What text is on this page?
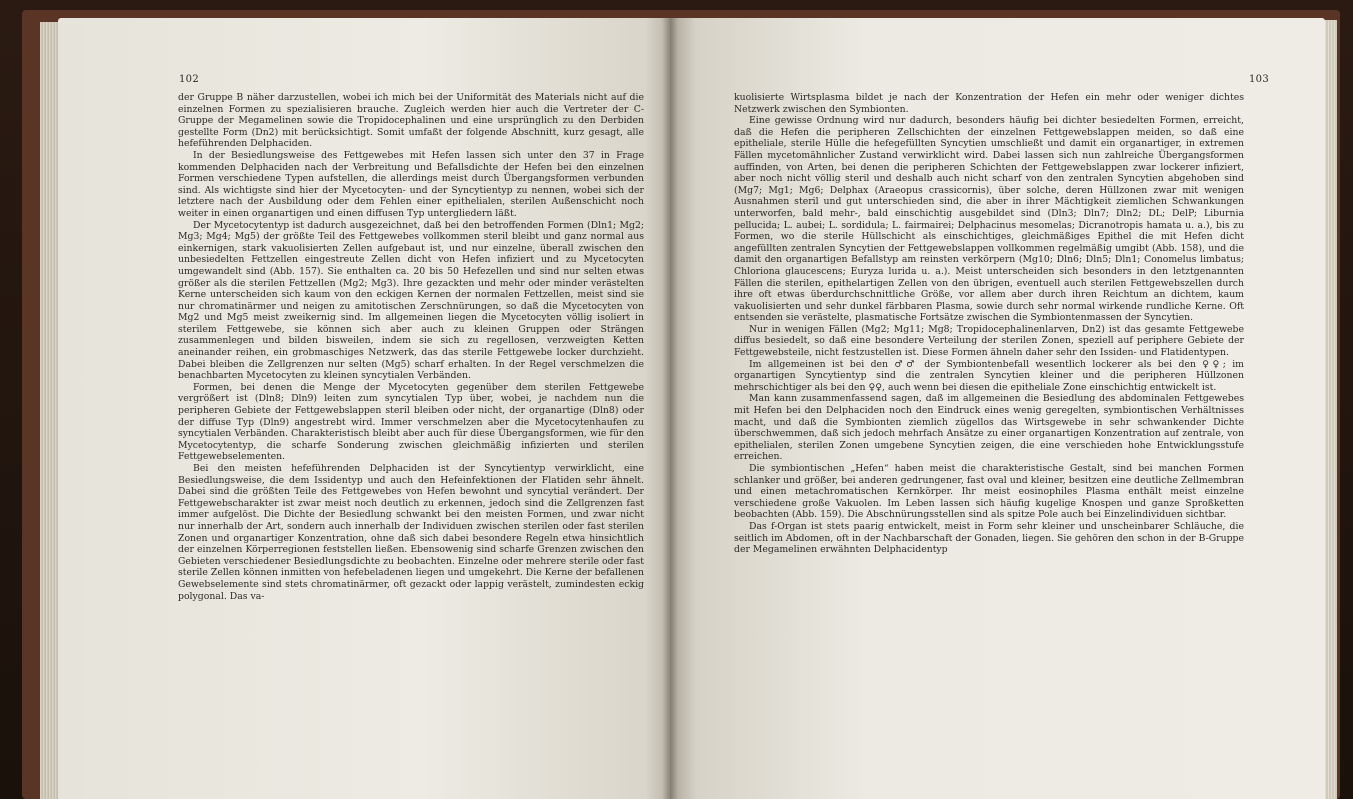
102

der Gruppe B näher darzustellen, wobei ich mich bei der Uniformität des Materials nicht auf die einzelnen Formen zu spezialisieren brauche. Zugleich werden hier auch die Vertreter der C-Gruppe der Megamelinen sowie die Tropidocephalinen und eine ursprünglich zu den Derbiden gestellte Form (Dn2) mit berücksichtigt. Somit umfaßt der folgende Abschnitt, kurz gesagt, alle hefeführenden Delphaciden.

In der Besiedlungsweise des Fettgewebes mit Hefen lassen sich unter den 37 in Frage kommenden Delphaciden nach der Verbreitung und Befallsdichte der Hefen bei den einzelnen Formen verschiedene Typen aufstellen, die allerdings meist durch Übergangsformen verbunden sind. Als wichtigste sind hier der Mycetocyten- und der Syncytientyp zu nennen, wobei sich der letztere nach der Ausbildung oder dem Fehlen einer epithelialen, sterilen Außenschicht noch weiter in einen organartigen und einen diffusen Typ untergliedern läßt.

Der Mycetocytentyp ist dadurch ausgezeichnet, daß bei den betroffenden Formen (Dln1; Mg2; Mg3; Mg4; Mg5) der größte Teil des Fettgewebes vollkommen steril bleibt und ganz normal aus einkernigen, stark vakuolisierten Zellen aufgebaut ist, und nur einzelne, überall zwischen den unbesiedelten Fettzellen eingestreute Zellen dicht von Hefen infiziert und zu Mycetocyten umgewandelt sind (Abb. 157). Sie enthalten ca. 20 bis 50 Hefezellen und sind nur selten etwas größer als die sterilen Fettzellen (Mg2; Mg3). Ihre gezackten und mehr oder minder verästelten Kerne unterscheiden sich kaum von den eckigen Kernen der normalen Fettzellen, meist sind sie nur chromatinärmer und neigen zu amitotischen Zerschnürungen, so daß die Mycetocyten von Mg2 und Mg5 meist zweikernig sind. Im allgemeinen liegen die Mycetocyten völlig isoliert in sterilem Fettgewebe, sie können sich aber auch zu kleinen Gruppen oder Strängen zusammenlegen und bilden bisweilen, indem sie sich zu regellosen, verzweigten Ketten aneinander reihen, ein grobmaschiges Netzwerk, das das sterile Fettgewebe locker durchzieht. Dabei bleiben die Zellgrenzen nur selten (Mg5) scharf erhalten. In der Regel verschmelzen die benachbarten Mycetocyten zu kleinen syncytialen Verbänden.

Formen, bei denen die Menge der Mycetocyten gegenüber dem sterilen Fettgewebe vergrößert ist (Dln8; Dln9) leiten zum syncytialen Typ über, wobei, je nachdem nun die peripheren Gebiete der Fettgewebslappen steril bleiben oder nicht, der organartige (Dln8) oder der diffuse Typ (Dln9) angestrebt wird. Immer verschmelzen aber die Mycetocytenhaufen zu syncytialen Verbänden. Charakteristisch bleibt aber auch für diese Übergangsformen, wie für den Mycetocytentyp, die scharfe Sonderung zwischen gleichmäßig infizierten und sterilen Fettgewebselementen.

Bei den meisten hefeführenden Delphaciden ist der Syncytientyp verwirklicht, eine Besiedlungsweise, die dem Issidentyp und auch den Hefeinfektionen der Flatiden sehr ähnelt. Dabei sind die größten Teile des Fettgewebes von Hefen bewohnt und syncytial verändert. Der Fettgewebscharakter ist zwar meist noch deutlich zu erkennen, jedoch sind die Zellgrenzen fast immer aufgelöst. Die Dichte der Besiedlung schwankt bei den meisten Formen, und zwar nicht nur innerhalb der Art, sondern auch innerhalb der Individuen zwischen sterilen oder fast sterilen Zonen und organartiger Konzentration, ohne daß sich dabei besondere Regeln etwa hinsichtlich der einzelnen Körperregionen feststellen ließen. Ebensowenig sind scharfe Grenzen zwischen den Gebieten verschiedener Besiedlungsdichte zu beobachten. Einzelne oder mehrere sterile oder fast sterile Zellen können inmitten von hefebeladenen liegen und umgekehrt. Die Kerne der befallenen Gewebselemente sind stets chromatinärmer, oft gezackt oder lappig verästelt, zumindesten eckig polygonal. Das va-

103

kuolisierte Wirtsplasma bildet je nach der Konzentration der Hefen ein mehr oder weniger dichtes Netzwerk zwischen den Symbionten.

Eine gewisse Ordnung wird nur dadurch, besonders häufig bei dichter besiedelten Formen, erreicht, daß die Hefen die peripheren Zellschichten der einzelnen Fettgewebslappen meiden, so daß eine epitheliale, sterile Hülle die hefegefüllten Syncytien umschließt und damit ein organartiger, in extremen Fällen mycetomähnlicher Zustand verwirklicht wird. Dabei lassen sich nun zahlreiche Übergangsformen auffinden, von Arten, bei denen die peripheren Schichten der Fettgewebslappen zwar lockerer infiziert, aber noch nicht völlig steril und deshalb auch nicht scharf von den zentralen Syncytien abgehoben sind (Mg7; Mg1; Mg6; Delphax (Araeopus crassicornis), über solche, deren Hüllzonen zwar mit wenigen Ausnahmen steril und gut unterschieden sind, die aber in ihrer Mächtigkeit ziemlichen Schwankungen unterworfen, bald mehr-, bald einschichtig ausgebildet sind (Dln3; Dln7; Dln2; DL; DelP; Liburnia pellucida; L. aubei; L. sordidula; L. fairmairei; Delphacinus mesomelas; Dicranotropis hamata u. a.), bis zu Formen, wo die sterile Hüllschicht als einschichtiges, gleichmäßiges Epithel die mit Hefen dicht angefüllten zentralen Syncytien der Fettgewebslappen vollkommen regelmäßig umgibt (Abb. 158), und die damit den organartigen Befallstyp am reinsten verkörpern (Mg10; Dln6; Dln5; Dln1; Conomelus limbatus; Chloriona glaucescens; Euryza lurida u. a.). Meist unterscheiden sich besonders in den letztgenannten Fällen die sterilen, epithelartigen Zellen von den übrigen, eventuell auch sterilen Fettgewebszellen durch ihre oft etwas überdurchschnittliche Größe, vor allem aber durch ihren Reichtum an dichtem, kaum vakuolisierten und sehr dunkel färbbaren Plasma, sowie durch sehr normal wirkende rundliche Kerne. Oft entsenden sie verästelte, plasmatische Fortsätze zwischen die Symbiontenmassen der Syncytien.

Nur in wenigen Fällen (Mg2; Mg11; Mg8; Tropidocephalinenlarven, Dn2) ist das gesamte Fettgewebe diffus besiedelt, so daß eine besondere Verteilung der sterilen Zonen, speziell auf periphere Gebiete der Fettgewebsteile, nicht festzustellen ist. Diese Formen ähneln daher sehr den Issiden- und Flatidentypen.

Im allgemeinen ist bei den ♂♂ der Symbiontenbefall wesentlich lockerer als bei den ♀♀; im organartigen Syncytientyp sind die zentralen Syncytien kleiner und die peripheren Hüllzonen mehrschichtiger als bei den ♀♀, auch wenn bei diesen die epitheliale Zone einschichtig entwickelt ist.

Man kann zusammenfassend sagen, daß im allgemeinen die Besiedlung des abdominalen Fettgewebes mit Hefen bei den Delphaciden noch den Eindruck eines wenig geregelten, symbiontischen Verhältnisses macht, und daß die Symbionten ziemlich zügellos das Wirtsgewebe in sehr schwankender Dichte überschwemmen, daß sich jedoch mehrfach Ansätze zu einer organartigen Konzentration auf zentrale, von epithelialen, sterilen Zonen umgebene Syncytien zeigen, die eine verschieden hohe Entwicklungsstufe erreichen.

Die symbiontischen „Hefen“ haben meist die charakteristische Gestalt, sind bei manchen Formen schlanker und größer, bei anderen gedrungener, fast oval und kleiner, besitzen eine deutliche Zellmembran und einen metachromatischen Kernkörper. Ihr meist eosinophiles Plasma enthält meist einzelne verschiedene große Vakuolen. Im Leben lassen sich häufig kugelige Knospen und ganze Sproßketten beobachten (Abb. 159). Die Abschnürungsstellen sind als spitze Pole auch bei Einzelindividuen sichtbar.

Das f-Organ ist stets paarig entwickelt, meist in Form sehr kleiner und unscheinbarer Schläuche, die seitlich im Abdomen, oft in der Nachbarschaft der Gonaden, liegen. Sie gehören den schon in der B-Gruppe der Megamelinen erwähnten Delphacidentyp
